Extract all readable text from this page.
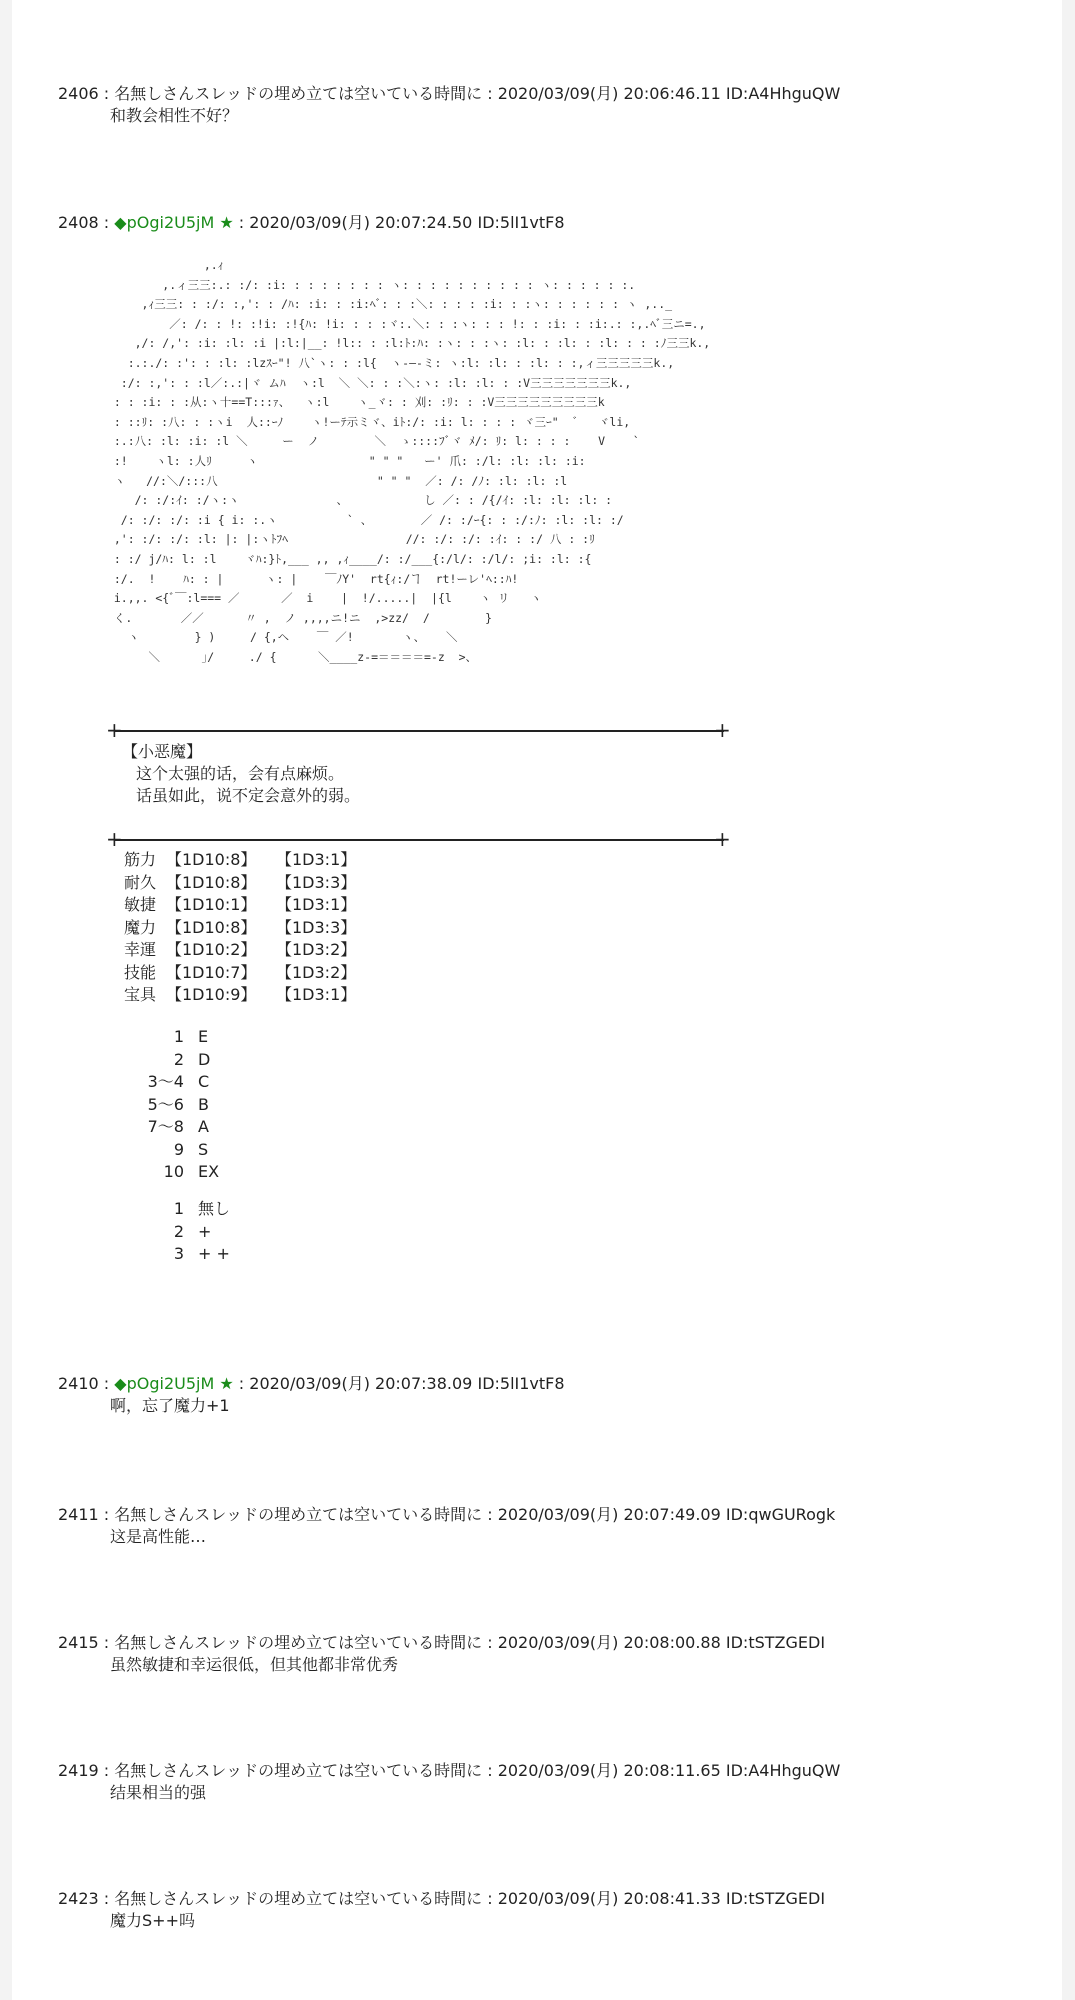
2406 : 名無しさんスレッドの埋め立ては空いている時間に : 2020/03/09(月) 20:06:46.11 ID:A4HhguQW
和教会相性不好？
2408 : ◆pOgi2U5jM ★ : 2020/03/09(月) 20:07:24.50 ID:5lI1vtF8
,.ｨ
,.ィ三三:.: :/: :i: : : : : : : : ヽ: : : : : : : : : : ヽ: : : : : :.
,ｨ三三: : :/: :,': : /ﾊ: :i: : :i:ﾍﾞ: : :＼: : : : :i: : :ヽ: : : : : : ヽ ,.._
／: /: : !: :!i: :!{ﾊ: !i: : : :ヾ:.＼: : :ヽ: : : !: : :i: : :i:.: :,.ﾍﾞ三ニ=.,
,/: /,': :i: :l: :i |:l:|__: !l:: : :l:ﾄ:ﾊ: :ヽ: : :ヽ: :l: : :l: : :l: : : :ﾉ三三k.,
:.:./: :': : :l: :lzｽｰ"! 八`ヽ: : :l{  ヽ-―-ミ: ヽ:l: :l: : :l: : :,ィ三三三三三k.,
:/: :,': : :l／:.:|ヾ ムﾊ  ヽ:l  ＼ ＼: : :＼:ヽ: :l: :l: : :V三三三三三三三k.,
: : :i: : :从:ヽ十==T:::ｧ、  ヽ:l    ヽ_ヾ: : 刈: :ﾘ: : :V三三三三三三三三三k
: ::ﾘ: :八: : :ヽi  人::ｰﾉ    ヽ!ーﾃ示ミヾ、iﾄ:/: :i: l: : : : ヾ三ｰ"  ゛  ヾli,
:.:八: :l: :i: :l ＼     ー  ノ        ＼  ゝ::::ﾌﾞヾ ﾒ/: ﾘ: l: : : :    V    `
:!    ヽl: :人ﾘ     ヽ                " " "   ー' 爪: :/l: :l: :l: :i:
ヽ   //:＼/:::八                       " " "  ／: /: /ﾉ: :l: :l: :l
/: :/:ｲ: :/ヽ:ヽ              、           し ／: : /{/ｲ: :l: :l: :l: :
/: :/: :/: :i { i: :.ヽ          ` 、       ／ /: :/ｰ{: : :/:ﾉ: :l: :l: :/
,': :/: :/: :l: |: |:ヽﾄﾌﾍ                 //: :/: :/: :ｲ: : :/ 八 : :ﾘ
: :/ j/ﾊ: l: :l    ヾﾊ:}ﾄ,___ ,, ,ｨ____/: :/___{:/l/: :/l/: ;i: :l: :{
:/.  !    ﾊ: : |      ヽ: |    ￣ﾉY'  rt{ｨ:/ヿ  rt!ーレ'ﾍ::ﾊ!
i.,,. <{ﾞ￣:l=== ／      ／  i    |  !/.....|  |{l    ヽ リ   ヽ
く.       ／／      〃 ,  ノ ,,,,ニ!ニ  ,>zz/  /        }
ヽ        } )     / {,ヘ    ￣ ／!       ヽ、   ＼
＼      ｣/     ./ {      ＼____z-=＝＝＝＝=-z  >、
+	+
【小恶魔】
这个太强的话，会有点麻烦。
话虽如此，说不定会意外的弱。
+	+
筋力 【1D10:8】 【1D3:1】
耐久 【1D10:8】 【1D3:3】
敏捷 【1D10:1】 【1D3:1】
魔力 【1D10:8】 【1D3:3】
幸運 【1D10:2】 【1D3:2】
技能 【1D10:7】 【1D3:2】
宝具 【1D10:9】 【1D3:1】
1 E
2 D
3～4 C
5～6 B
7～8 A
9 S
10 EX
1 無し
2 +
3 + +
2410 : ◆pOgi2U5jM ★ : 2020/03/09(月) 20:07:38.09 ID:5lI1vtF8
啊，忘了魔力+1
2411 : 名無しさんスレッドの埋め立ては空いている時間に : 2020/03/09(月) 20:07:49.09 ID:qwGURogk
这是高性能…
2415 : 名無しさんスレッドの埋め立ては空いている時間に : 2020/03/09(月) 20:08:00.88 ID:tSTZGEDI
虽然敏捷和幸运很低，但其他都非常优秀
2419 : 名無しさんスレッドの埋め立ては空いている時間に : 2020/03/09(月) 20:08:11.65 ID:A4HhguQW
结果相当的强
2423 : 名無しさんスレッドの埋め立ては空いている時間に : 2020/03/09(月) 20:08:41.33 ID:tSTZGEDI
魔力S++吗
